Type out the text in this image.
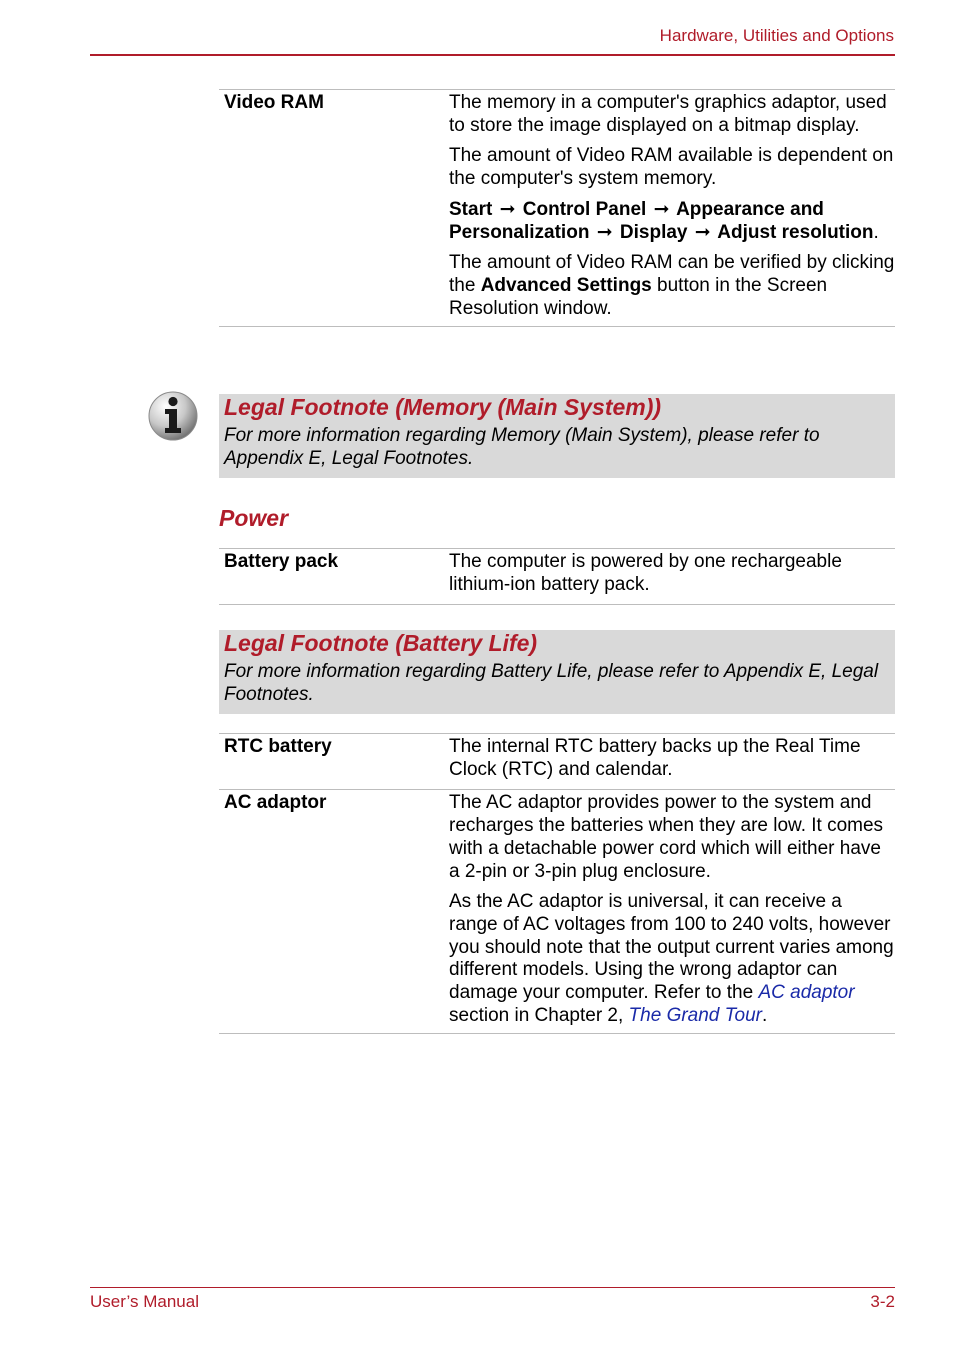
Hardware, Utilities and Options
Video RAM	The memory in a computer's graphics adaptor, used to store the image displayed on a bitmap display.

The amount of Video RAM available is dependent on the computer's system memory.

Start ➞ Control Panel ➞ Appearance and Personalization ➞ Display ➞ Adjust resolution.

The amount of Video RAM can be verified by clicking the Advanced Settings button in the Screen Resolution window.

Legal Footnote (Memory (Main System))
For more information regarding Memory (Main System), please refer to Appendix E, Legal Footnotes.
Power
Battery pack	The computer is powered by one rechargeable lithium-ion battery pack.
Legal Footnote (Battery Life)
For more information regarding Battery Life, please refer to Appendix E, Legal Footnotes.
RTC battery	The internal RTC battery backs up the Real Time Clock (RTC) and calendar.
AC adaptor	The AC adaptor provides power to the system and recharges the batteries when they are low. It comes with a detachable power cord which will either have a 2-pin or 3-pin plug enclosure.

As the AC adaptor is universal, it can receive a range of AC voltages from 100 to 240 volts, however you should note that the output current varies among different models. Using the wrong adaptor can damage your computer. Refer to the AC adaptor section in Chapter 2, The Grand Tour.

User’s Manual	3-2
